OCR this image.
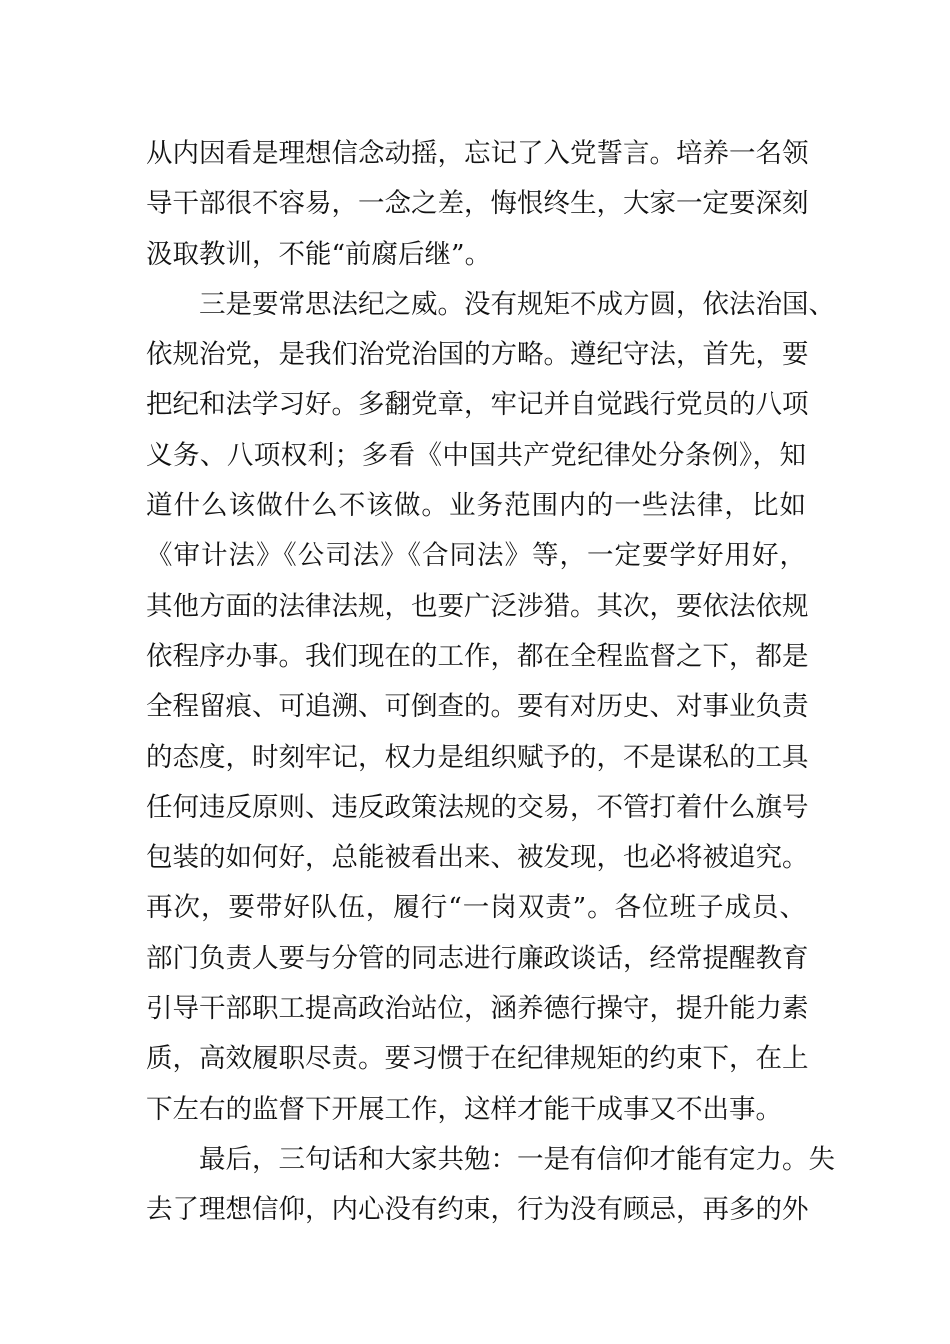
从内因看是理想信念动摇，忘记了入党誓言。培养一名领
导干部很不容易，一念之差，悔恨终生，大家一定要深刻
汲取教训，不能“前腐后继”。
　　三是要常思法纪之威。没有规矩不成方圆，依法治国、
依规治党，是我们治党治国的方略。遵纪守法，首先，要
把纪和法学习好。多翻党章，牢记并自觉践行党员的八项
义务、八项权利；多看《中国共产党纪律处分条例》，知
道什么该做什么不该做。业务范围内的一些法律，比如
《审计法》《公司法》《合同法》等，一定要学好用好，
其他方面的法律法规，也要广泛涉猎。其次，要依法依规
依程序办事。我们现在的工作，都在全程监督之下，都是
全程留痕、可追溯、可倒查的。要有对历史、对事业负责
的态度，时刻牢记，权力是组织赋予的，不是谋私的工具
任何违反原则、违反政策法规的交易，不管打着什么旗号
包装的如何好，总能被看出来、被发现，也必将被追究。
再次，要带好队伍，履行“一岗双责”。各位班子成员、
部门负责人要与分管的同志进行廉政谈话，经常提醒教育
引导干部职工提高政治站位，涵养德行操守，提升能力素
质，高效履职尽责。要习惯于在纪律规矩的约束下，在上
下左右的监督下开展工作，这样才能干成事又不出事。
　　最后，三句话和大家共勉：一是有信仰才能有定力。失
去了理想信仰，内心没有约束，行为没有顾忌，再多的外
